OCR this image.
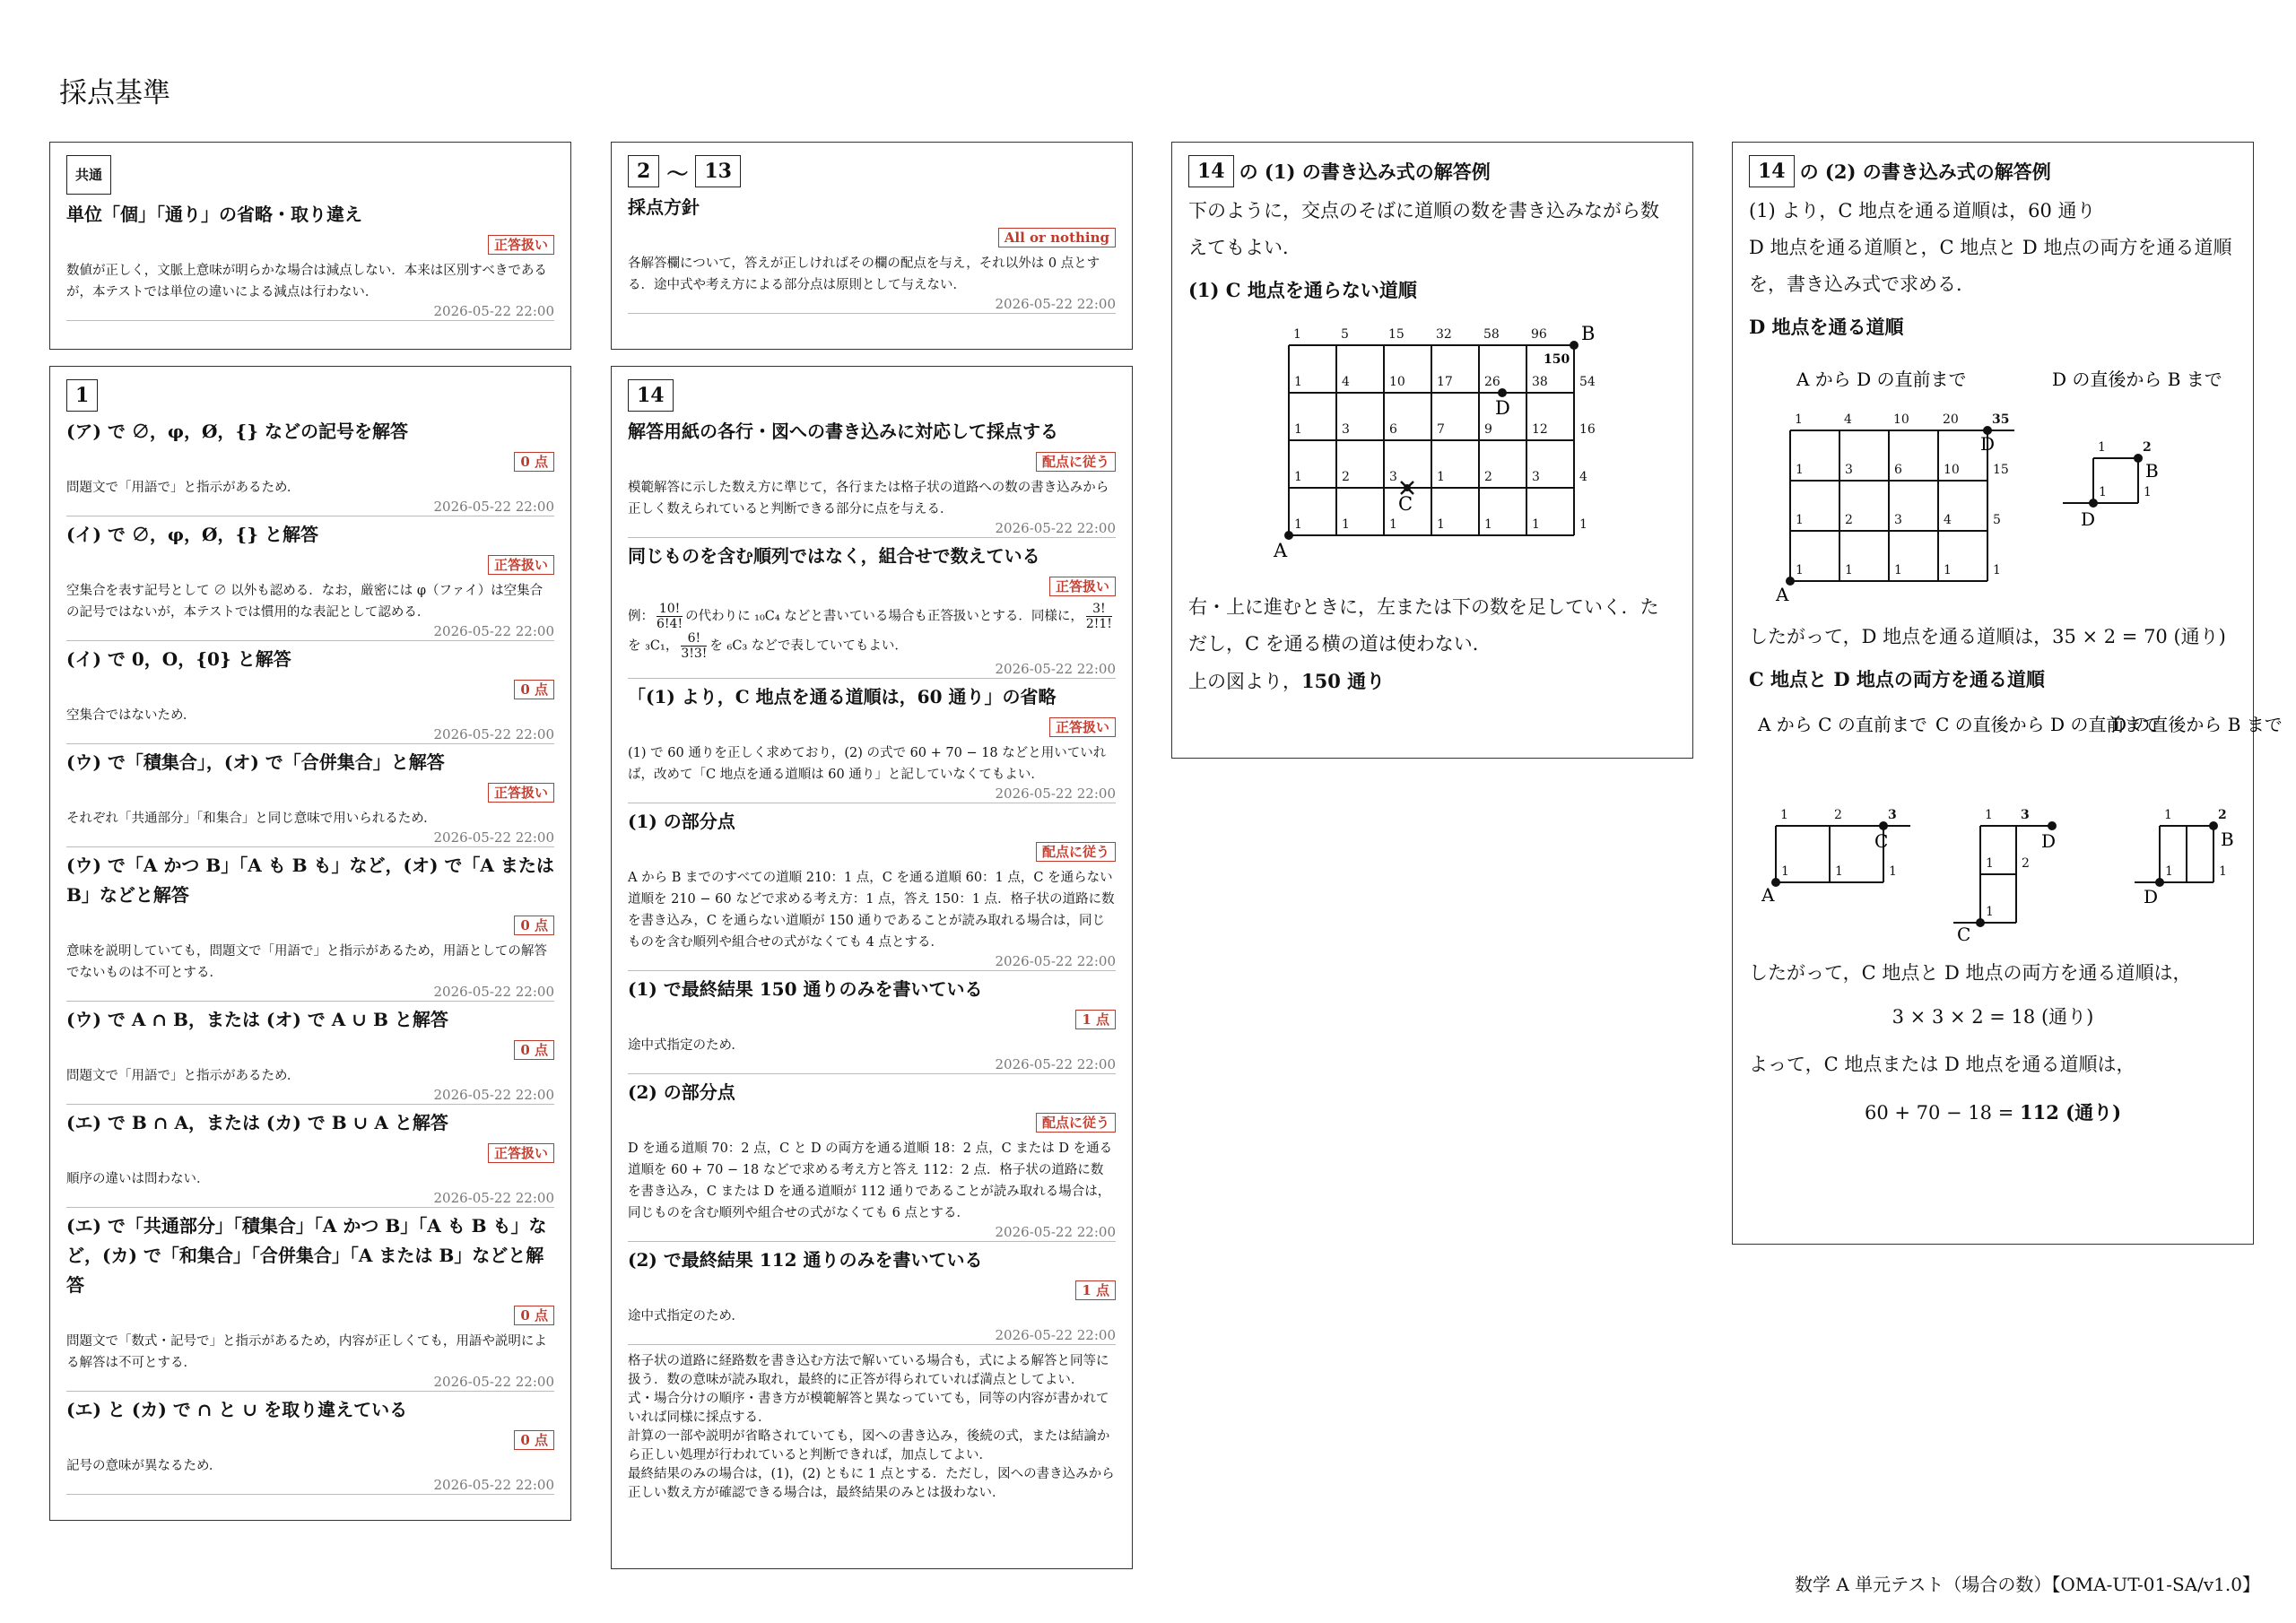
採点基準
共通
単位「個」「通り」の省略・取り違え
正答扱い
数値が正しく，文脈上意味が明らかな場合は減点しない．本来は区別すべきであるが，本テストでは単位の違いによる減点は行わない．
2026-05-22 22:00
2 〜 13
採点方針
All or nothing
各解答欄について，答えが正しければその欄の配点を与え，それ以外は 0 点とする．途中式や考え方による部分点は原則として与えない．
2026-05-22 22:00
1
(ア) で ∅，φ，Ø，{} などの記号を解答
0 点
問題文で「用語で」と指示があるため．
2026-05-22 22:00
(イ) で ∅，φ，Ø，{} と解答
正答扱い
空集合を表す記号として ∅ 以外も認める．なお，厳密には φ（ファイ）は空集合の記号ではないが，本テストでは慣用的な表記として認める．
2026-05-22 22:00
(イ) で 0，O，{0} と解答
0 点
空集合ではないため．
2026-05-22 22:00
(ウ) で「積集合」，(オ) で「合併集合」と解答
正答扱い
それぞれ「共通部分」「和集合」と同じ意味で用いられるため．
2026-05-22 22:00
(ウ) で「A かつ B」「A も B も」など，(オ) で「A または B」などと解答
0 点
意味を説明していても，問題文で「用語で」と指示があるため，用語としての解答でないものは不可とする．
2026-05-22 22:00
(ウ) で A ∩ B，または (オ) で A ∪ B と解答
0 点
問題文で「用語で」と指示があるため．
2026-05-22 22:00
(エ) で B ∩ A，または (カ) で B ∪ A と解答
正答扱い
順序の違いは問わない．
2026-05-22 22:00
(エ) で「共通部分」「積集合」「A かつ B」「A も B も」など，(カ) で「和集合」「合併集合」「A または B」などと解答
0 点
問題文で「数式・記号で」と指示があるため，内容が正しくても，用語や説明による解答は不可とする．
2026-05-22 22:00
(エ) と (カ) で ∩ と ∪ を取り違えている
0 点
記号の意味が異なるため．
2026-05-22 22:00
14
解答用紙の各行・図への書き込みに対応して採点する
配点に従う
模範解答に示した数え方に準じて，各行または格子状の道路への数の書き込みから正しく数えられていると判断できる部分に点を与える．
2026-05-22 22:00
同じものを含む順列ではなく，組合せで数えている
正答扱い
例： $\frac{10!}{6!4!}$ の代わりに ₁₀C₄ などと書いている場合も正答扱いとする．同様に， $\frac{3!}{2!1!}$
を ₃C₁， $\frac{6!}{3!3!}$ を ₆C₃ などで表していてもよい．
2026-05-22 22:00
「(1) より，C 地点を通る道順は，60 通り」の省略
正答扱い
(1) で 60 通りを正しく求めており，(2) の式で 60 + 70 − 18 などと用いていれば，改めて「C 地点を通る道順は 60 通り」と記していなくてもよい．
2026-05-22 22:00
(1) の部分点
配点に従う
A から B までのすべての道順 210：1 点，C を通る道順 60：1 点，C を通らない道順を 210 − 60 などで求める考え方：1 点，答え 150：1 点．格子状の道路に数を書き込み，C を通らない道順が 150 通りであることが読み取れる場合は，同じものを含む順列や組合せの式がなくても 4 点とする．
2026-05-22 22:00
(1) で最終結果 150 通りのみを書いている
1 点
途中式指定のため．
2026-05-22 22:00
(2) の部分点
配点に従う
D を通る道順 70：2 点，C と D の両方を通る道順 18：2 点，C または D を通る道順を 60 + 70 − 18 などで求める考え方と答え 112：2 点．格子状の道路に数を書き込み，C または D を通る道順が 112 通りであることが読み取れる場合は，同じものを含む順列や組合せの式がなくても 6 点とする．
2026-05-22 22:00
(2) で最終結果 112 通りのみを書いている
1 点
途中式指定のため．
2026-05-22 22:00
格子状の道路に経路数を書き込む方法で解いている場合も，式による解答と同等に扱う．数の意味が読み取れ，最終的に正答が得られていれば満点としてよい．
式・場合分けの順序・書き方が模範解答と異なっていても，同等の内容が書かれていれば同様に採点する．
計算の一部や説明が省略されていても，図への書き込み，後続の式，または結論から正しい処理が行われていると判断できれば，加点してよい．
最終結果のみの場合は，(1)，(2) ともに 1 点とする．ただし，図への書き込みから正しい数え方が確認できる場合は，最終結果のみとは扱わない．
14 の (1) の書き込み式の解答例
下のように，交点のそばに道順の数を書き込みながら数えてもよい．
(1) C 地点を通らない道順
1	5	15	32	58	96
1	4	10	17	26	38	54
1	3	6	7	9	12	16
1	2	3	1	2	3	4
1	1	1	1	1	1	1
A
B
C
D
150
右・上に進むときに，左または下の数を足していく．ただし，C を通る横の道は使わない．
上の図より，150 通り
14 の (2) の書き込み式の解答例
(1) より，C 地点を通る道順は，60 通り
D 地点を通る道順と，C 地点と D 地点の両方を通る道順を，書き込み式で求める．
D 地点を通る道順
A から D の直前まで	D の直後から B まで
1	4	10	20	35
1	3	6	10	15
1	2	3	4	5
1	1	1	1	1
1	2
1	1
A
D
D
B
したがって，D 地点を通る道順は，35 × 2 = 70 (通り)
C 地点と D 地点の両方を通る道順
A から C の直前まで C の直後から D の直前まで
D の直後から B まで
1	2	3
1	1	1
1 3
1 2
1
1	2
1	1
A
C
C
D
D
B
したがって，C 地点と D 地点の両方を通る道順は，
3 × 3 × 2 = 18 (通り)
よって，C 地点または D 地点を通る道順は，
60 + 70 − 18 = 112 (通り)
数学 A 単元テスト（場合の数）【OMA-UT-01-SA/v1.0】
